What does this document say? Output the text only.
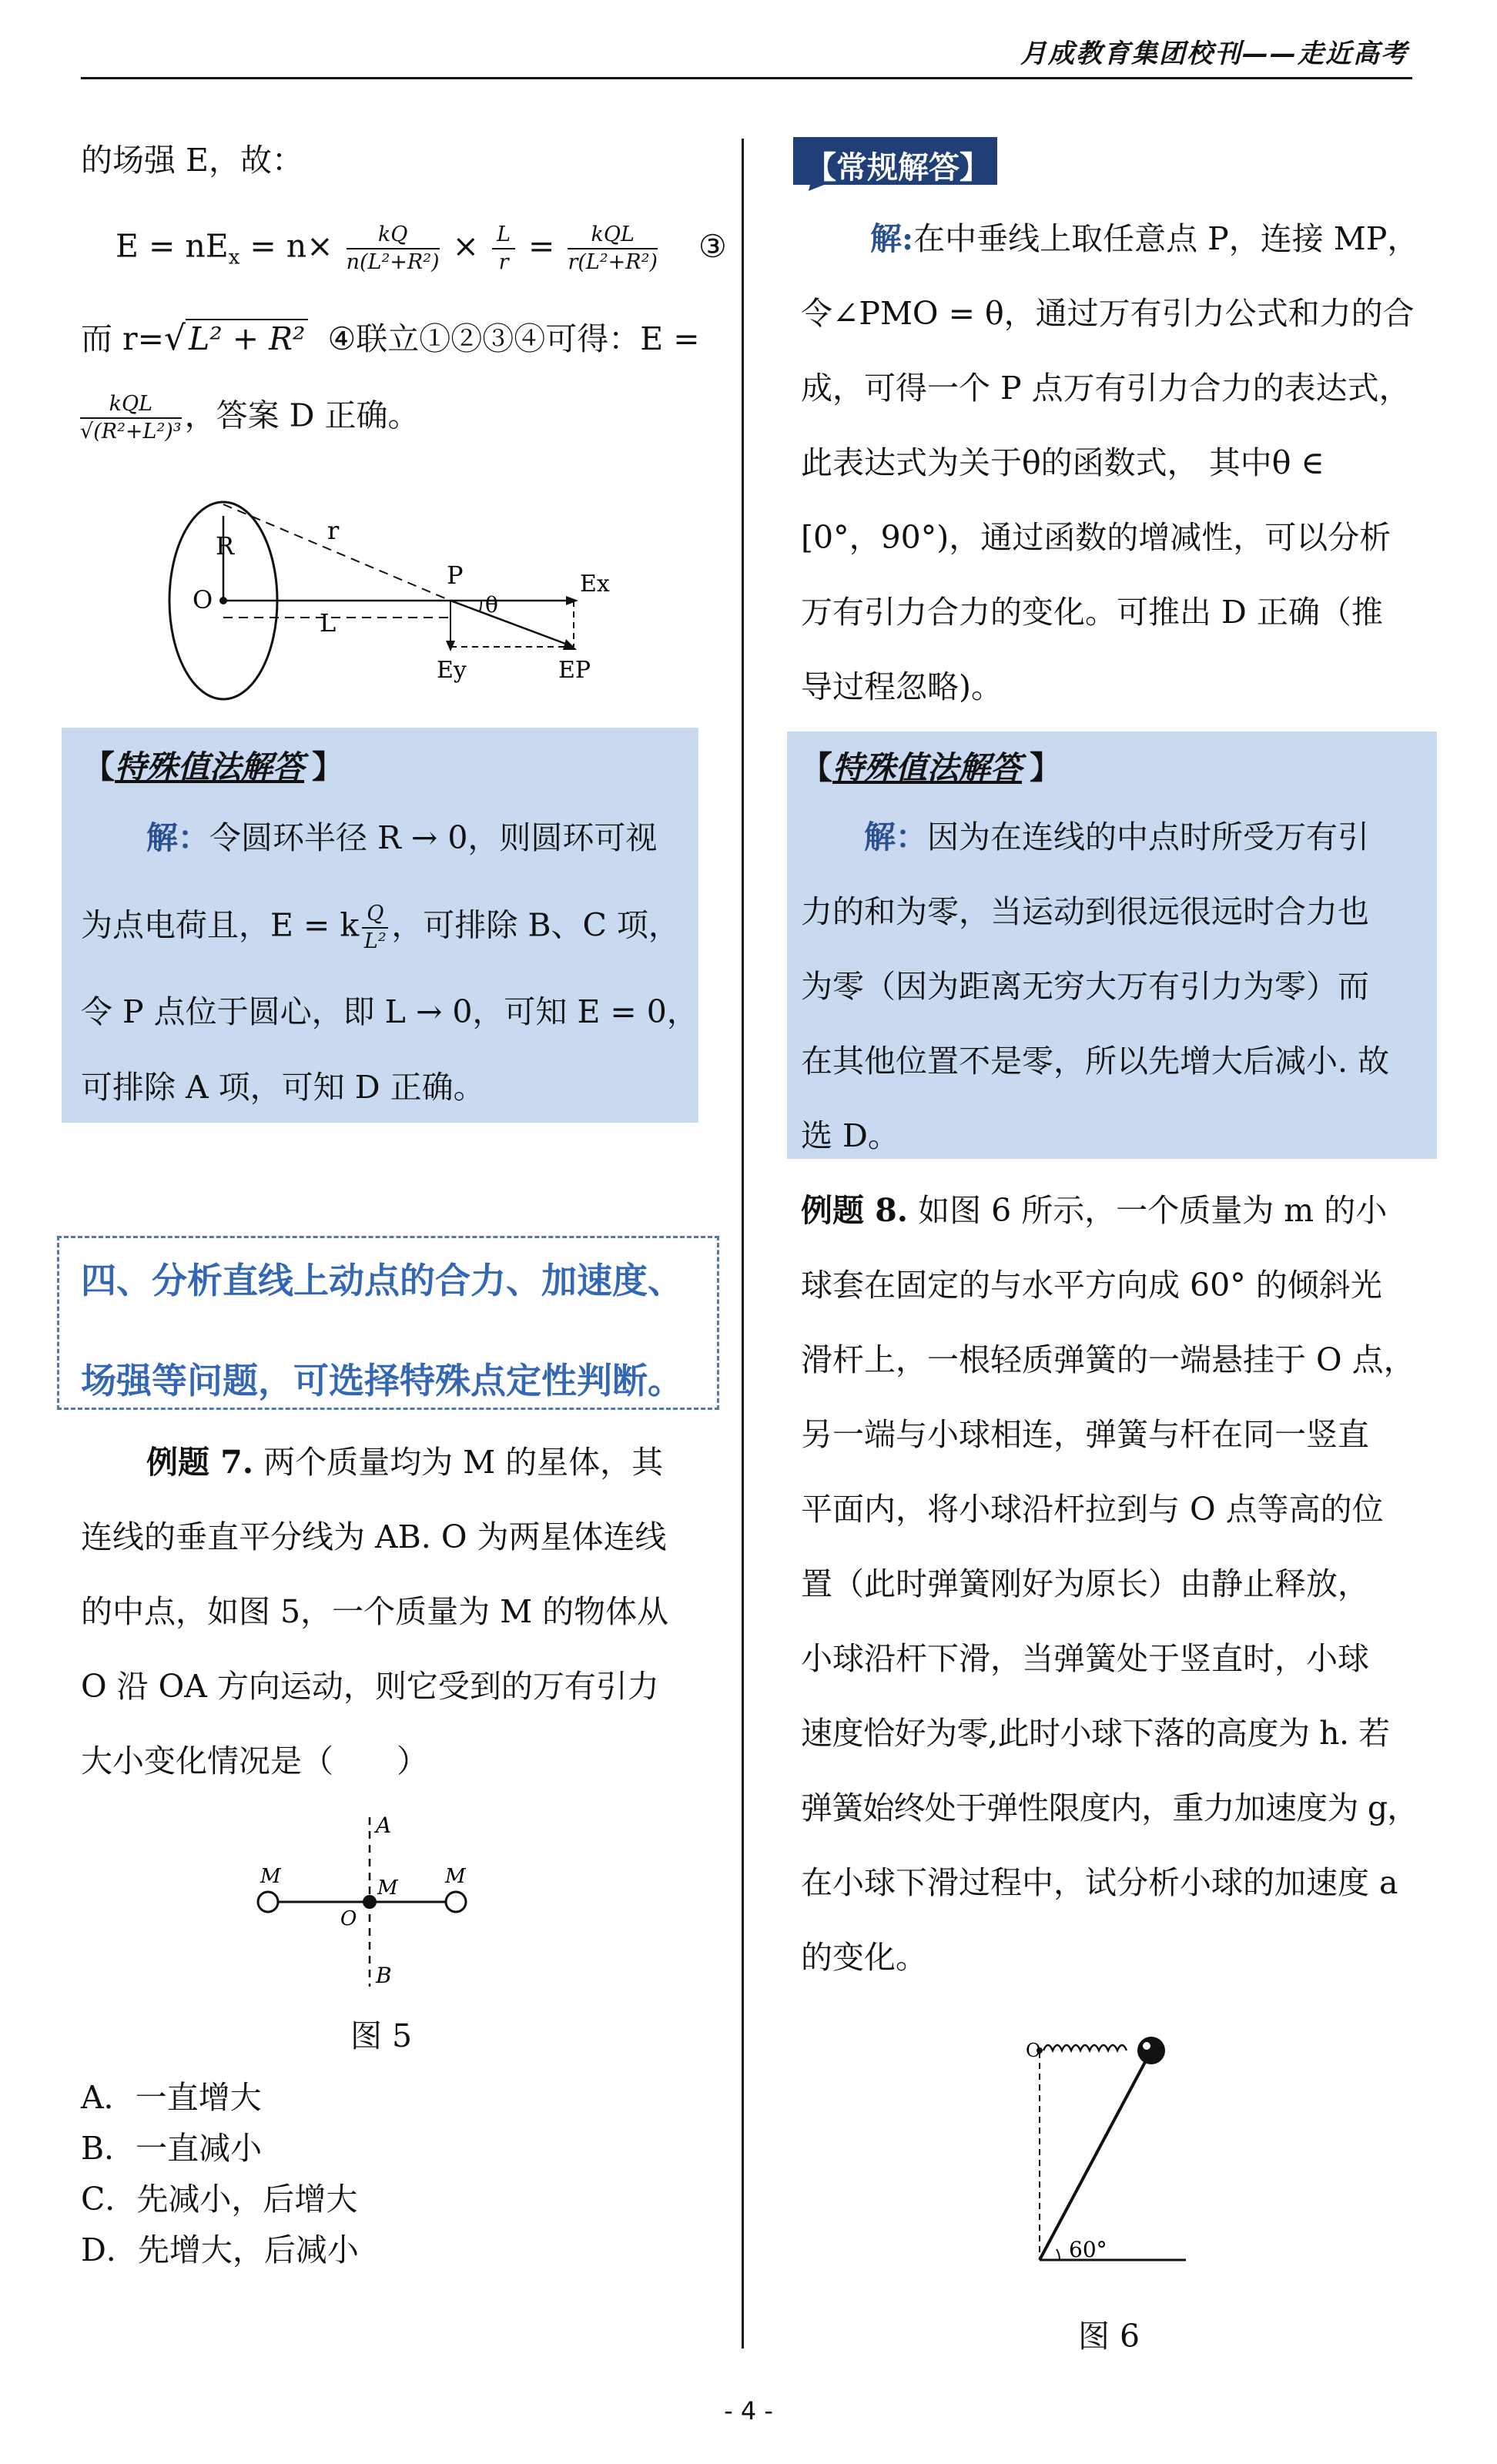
月成教育集团校刊——走近高考
的场强 E，故：
$E = nE_x = n\times \frac{kQ}{\text{n(L²+R²)}} \times \frac{L}{r} = \frac{\text{kQL}}{\text{r(L²+R²)}}$ ③
而 r=√L² + R² ④联立①②③④可得：E =
$\frac{\text{kQL}}{\text{√(R²+L²)³}}$ ，答案 D 正确。
R
O
r
P
L
θ
Ex
Ey	EP
【特殊值法解答 】
解：令圆环半径 R → 0，则圆环可视
为点电荷且，E = k $\frac{Q}{\text{L²}}$ ，可排除 B、C 项，
令 P 点位于圆心，即 L → 0，可知 E = 0，
可排除 A 项，可知 D 正确。
四、分析直线上动点的合力、加速度、
场强等问题，可选择特殊点定性判断。
例题 7. 两个质量均为 M 的星体，其
连线的垂直平分线为 AB. O 为两星体连线
的中点，如图 5，一个质量为 M 的物体从
O 沿 OA 方向运动，则它受到的万有引力
大小变化情况是（　　）
A
B
M	M M
O
图 5
A．一直增大
B．一直减小
C．先减小，后增大
D．先增大，后减小
【常规解答】
解:在中垂线上取任意点 P，连接 MP，
令∠PMO = θ，通过万有引力公式和力的合
成，可得一个 P 点万有引力合力的表达式，
此表达式为关于θ的函数式， 其中θ ∈
[0°，90°)，通过函数的增减性，可以分析
万有引力合力的变化。可推出 D 正确（推
导过程忽略)。
【特殊值法解答 】
解：因为在连线的中点时所受万有引
力的和为零，当运动到很远很远时合力也
为零（因为距离无穷大万有引力为零）而
在其他位置不是零，所以先增大后减小. 故
选 D。
例题 8. 如图 6 所示，一个质量为 m 的小
球套在固定的与水平方向成 60° 的倾斜光
滑杆上，一根轻质弹簧的一端悬挂于 O 点，
另一端与小球相连，弹簧与杆在同一竖直
平面内，将小球沿杆拉到与 O 点等高的位
置（此时弹簧刚好为原长）由静止释放，
小球沿杆下滑，当弹簧处于竖直时，小球
速度恰好为零,此时小球下落的高度为 h. 若
弹簧始终处于弹性限度内，重力加速度为 g，
在小球下滑过程中，试分析小球的加速度 a
的变化。
O
60°
图 6
- 4 -
